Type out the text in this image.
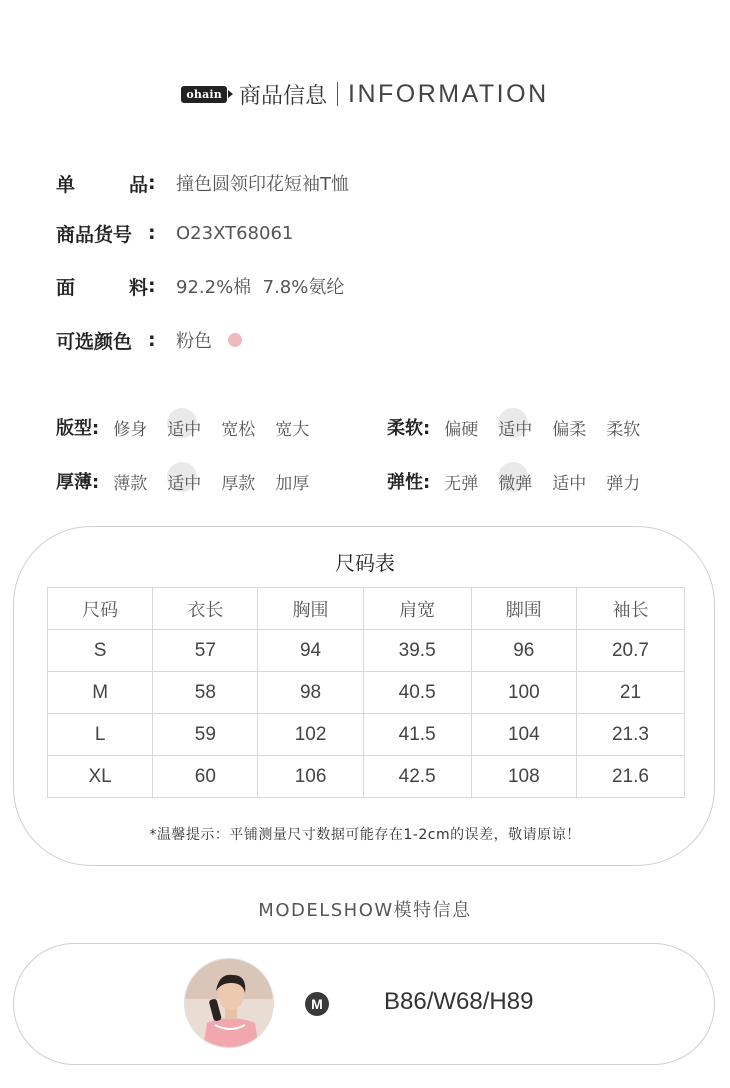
ohain 商品信息 INFORMATION
单	品 :	撞色圆领印花短袖T恤
商品货号 :	O23XT68061
面	料 :	92.2%棉  7.8%氨纶
可选颜色 :	粉色
版型: 修身	适中	宽松	宽大	柔软: 偏硬	适中	偏柔	柔软
厚薄: 薄款	适中	厚款	加厚	弹性: 无弹	微弹	适中	弹力
尺码表
尺码	衣长	胸围	肩宽	脚围	袖长
S	57	94	39.5	96	20.7
M	58	98	40.5	100	21
L	59	102	41.5	104	21.3
XL	60	106	42.5	108	21.6
*温馨提示：平铺测量尺寸数据可能存在1-2cm的误差，敬请原谅！
MODELSHOW模特信息
M	B86/W68/H89
